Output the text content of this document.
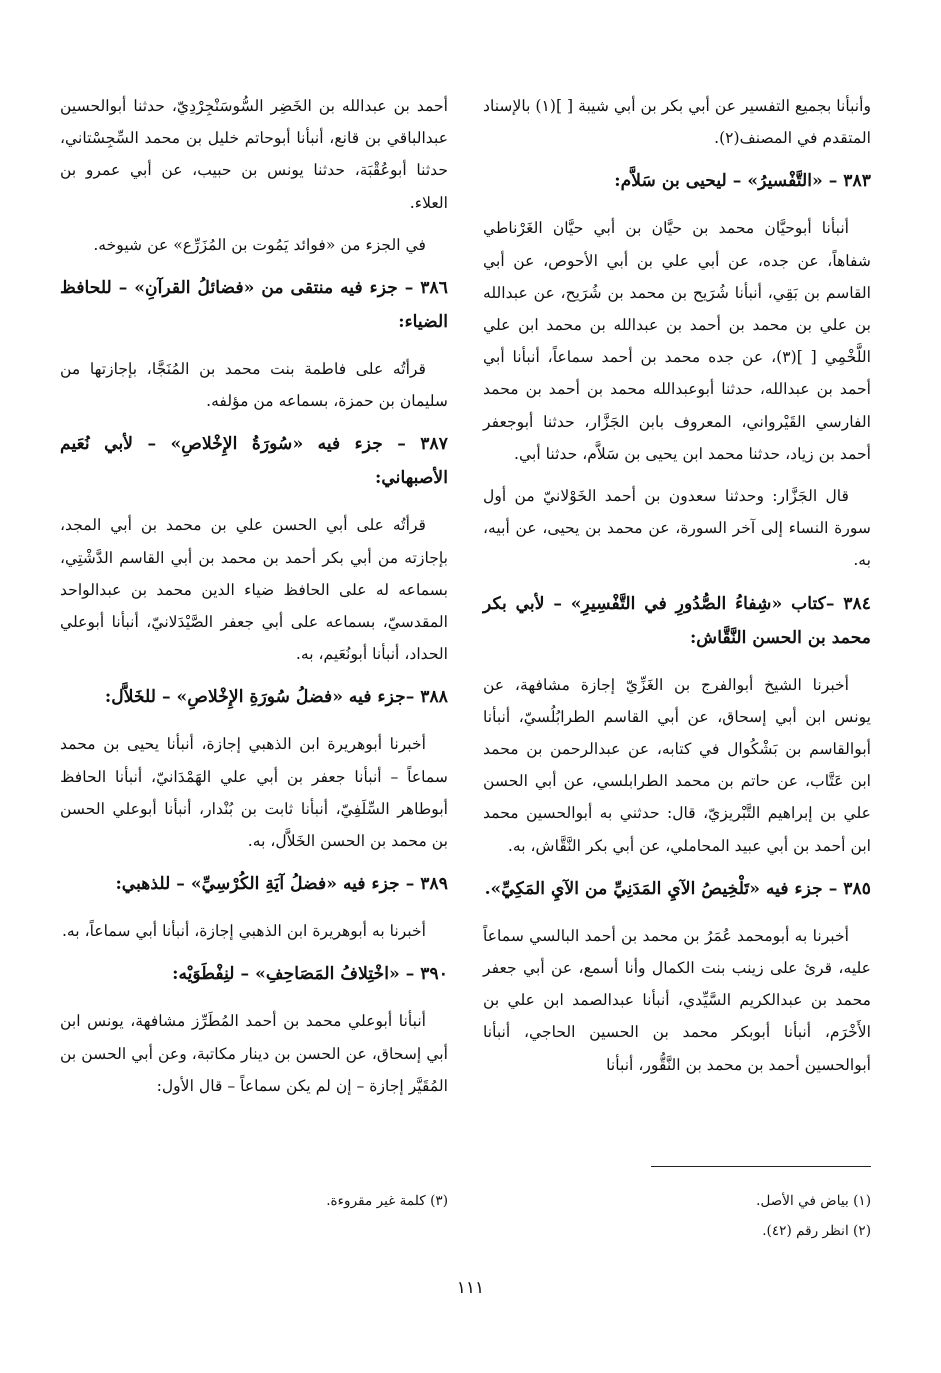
وأنبأنا بجميع التفسير عن أبي بكر بن أبي شيبة [ ](١) بالإسناد المتقدم في المصنف(٢).

٣٨٣ – «التَّفْسيرُ» – ليحيى بن سَلاَّم:

أنبأنا أبوحيَّان محمد بن حيَّان بن أبي حيَّان الغَرْناطي شفاهاً، عن جده، عن أبي علي بن أبي الأحوص، عن أبي القاسم بن بَقِي، أنبأنا شُرَيح بن محمد بن شُرَيح، عن عبدالله بن علي بن محمد بن أحمد بن عبدالله بن محمد ابن علي اللَّخْمِي [ ](٣)، عن جده محمد بن أحمد سماعاً، أنبأنا أبي أحمد بن عبدالله، حدثنا أبوعبدالله محمد بن أحمد بن محمد الفارسي القَيْرواني، المعروف بابن الجَزَّار، حدثنا أبوجعفر أحمد بن زياد، حدثنا محمد ابن يحيى بن سَلاَّم، حدثنا أبي.

قال الجَزَّار: وحدثنا سعدون بن أحمد الخَوْلانيّ من أول سورة النساء إلى آخر السورة، عن محمد بن يحيى، عن أبيه، به.

٣٨٤ –كتاب «شِفاءُ الصُّدُورِ في التَّفْسِيرِ» – لأبي بكر محمد بن الحسن النَّقَّاش:

أخبرنا الشيخ أبوالفرج بن الغَزِّيّ إجازة مشافهة، عن يونس ابن أبي إسحاق، عن أبي القاسم الطرابُلُسيّ، أنبأنا أبوالقاسم بن بَشْكُوال في كتابه، عن عبدالرحمن بن محمد ابن عَتَّاب، عن حاتم بن محمد الطرابلسي، عن أبي الحسن علي بن إبراهيم التَّبْريزيّ، قال: حدثني به أبوالحسين محمد ابن أحمد بن أبي عبيد المحاملي، عن أبي بكر النَّقَّاش، به.

٣٨٥ – جزء فيه «تَلْخِيصُ الآيِ المَدَنِيِّ من الآيِ المَكِيِّ».

أخبرنا به أبومحمد عُمَرُ بن محمد بن أحمد البالسي سماعاً عليه، قرئ على زينب بنت الكمال وأنا أسمع، عن أبي جعفر محمد بن عبدالكريم السَّيِّدي، أنبأنا عبدالصمد ابن علي بن الأَخْرَم، أنبأنا أبوبكر محمد بن الحسين الحاجي، أنبأنا أبوالحسين أحمد بن محمد بن النَّقُّور، أنبأنا

أحمد بن عبدالله بن الخَضِر السُّوسَنْجِرْدِيّ، حدثنا أبوالحسين عبدالباقي بن قانع، أنبأنا أبوحاتم خليل بن محمد السِّجِسْتاني، حدثنا أبوعُقْبَة، حدثنا يونس بن حبيب، عن أبي عمرو بن العلاء.

في الجزء من «فوائد يَمُوت بن المُزَرِّع» عن شيوخه.

٣٨٦ – جزء فيه منتقى من «فضائلُ القرآنِ» – للحافظ الضياء:

قرأتُه على فاطمة بنت محمد بن المُنَجَّا، بإجازتها من سليمان بن حمزة، بسماعه من مؤلفه.

٣٨٧ – جزء فيه «سُورَةُ الإِخْلاصِ» – لأبي نُعَيم الأصبهاني:

قرأتُه على أبي الحسن علي بن محمد بن أبي المجد، بإجازته من أبي بكر أحمد بن محمد بن أبي القاسم الدَّشْتِي، بسماعه له على الحافظ ضياء الدين محمد بن عبدالواحد المقدسيّ، بسماعه على أبي جعفر الصَّيْدَلانيّ، أنبأنا أبوعلي الحداد، أنبأنا أبونُعَيم، به.

٣٨٨ –جزء فيه «فضلُ سُورَةِ الإِخْلاصِ» – للخَلاَّل:

أخبرنا أبوهريرة ابن الذهبي إجازة، أنبأنا يحيى بن محمد سماعاً – أنبأنا جعفر بن أبي علي الهَمْدَانيّ، أنبأنا الحافظ أبوطاهر السِّلَفِيّ، أنبأنا ثابت بن بُنْدار، أنبأنا أبوعلي الحسن بن محمد بن الحسن الخَلاَّل، به.

٣٨٩ – جزء فيه «فضلُ آيَةِ الكُرْسِيِّ» – للذهبي:

أخبرنا به أبوهريرة ابن الذهبي إجازة، أنبأنا أبي سماعاً، به.

٣٩٠ – «اخْتِلافُ المَصَاحِفِ» – لنِفْطَوَيْه:

أنبأنا أبوعلي محمد بن أحمد المُطَرِّز مشافهة، يونس ابن أبي إسحاق، عن الحسن بن دينار مكاتبة، وعن أبي الحسن بن المُقَيَّر إجازة – إن لم يكن سماعاً – قال الأول:

(١) بياض في الأصل.

(٢) انظر رقم (٤٢).

(٣) كلمة غير مقروءة.

١١١
